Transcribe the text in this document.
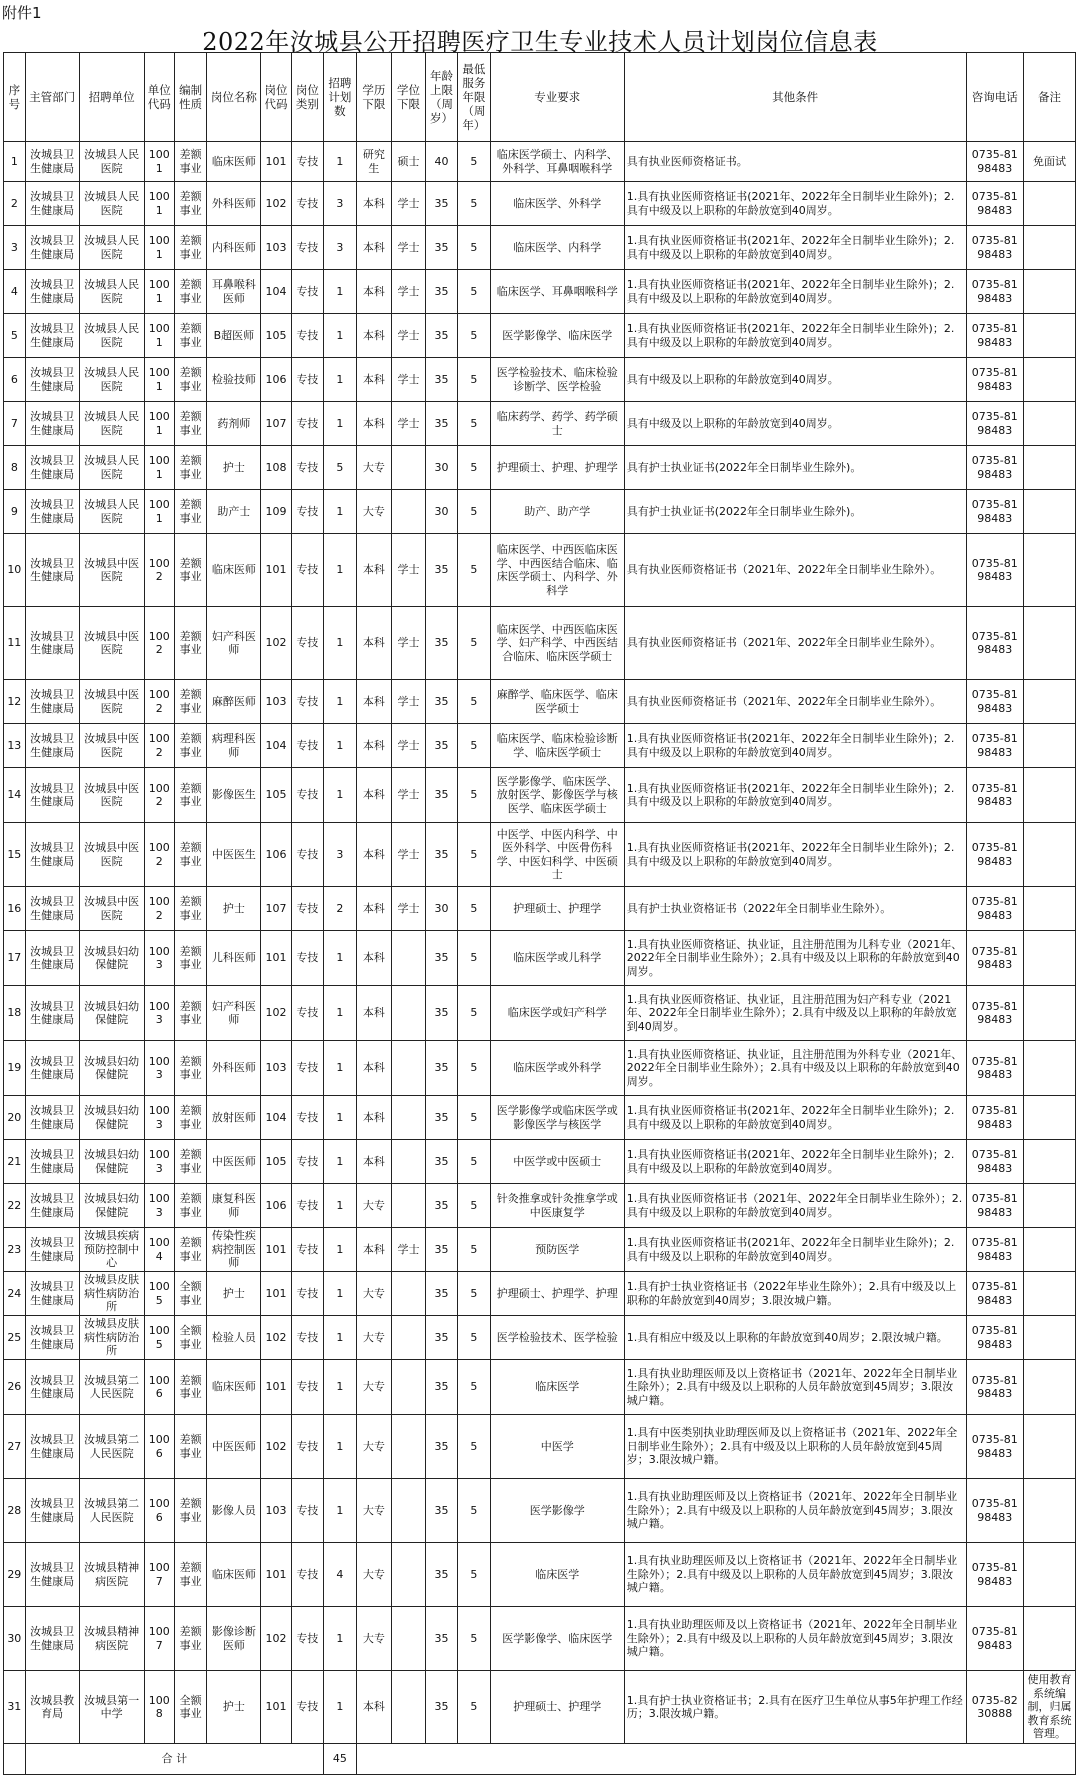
附件1
2022年汝城县公开招聘医疗卫生专业技术人员计划岗位信息表
序号	主管部门	招聘单位	单位代码	编制性质	岗位名称	岗位代码	岗位类别	招聘计划数	学历下限	学位下限	年龄上限（周岁）	最低服务年限（周年）	专业要求	其他条件	咨询电话	备注
1	汝城县卫生健康局	汝城县人民医院	1001	差额事业	临床医师	101	专技	1	研究生	硕士	40	5	临床医学硕士、内科学、外科学、耳鼻咽喉科学	具有执业医师资格证书。	0735-8198483	免面试
2	汝城县卫生健康局	汝城县人民医院	1001	差额事业	外科医师	102	专技	3	本科	学士	35	5	临床医学、外科学	1.具有执业医师资格证书(2021年、2022年全日制毕业生除外)；2.具有中级及以上职称的年龄放宽到40周岁。	0735-8198483	
3	汝城县卫生健康局	汝城县人民医院	1001	差额事业	内科医师	103	专技	3	本科	学士	35	5	临床医学、内科学	1.具有执业医师资格证书(2021年、2022年全日制毕业生除外)；2.具有中级及以上职称的年龄放宽到40周岁。	0735-8198483	
4	汝城县卫生健康局	汝城县人民医院	1001	差额事业	耳鼻喉科医师	104	专技	1	本科	学士	35	5	临床医学、耳鼻咽喉科学	1.具有执业医师资格证书(2021年、2022年全日制毕业生除外)；2.具有中级及以上职称的年龄放宽到40周岁。	0735-8198483	
5	汝城县卫生健康局	汝城县人民医院	1001	差额事业	B超医师	105	专技	1	本科	学士	35	5	医学影像学、临床医学	1.具有执业医师资格证书(2021年、2022年全日制毕业生除外)；2.具有中级及以上职称的年龄放宽到40周岁。	0735-8198483	
6	汝城县卫生健康局	汝城县人民医院	1001	差额事业	检验技师	106	专技	1	本科	学士	35	5	医学检验技术、临床检验诊断学、医学检验	具有中级及以上职称的年龄放宽到40周岁。	0735-8198483	
7	汝城县卫生健康局	汝城县人民医院	1001	差额事业	药剂师	107	专技	1	本科	学士	35	5	临床药学、药学、药学硕士	具有中级及以上职称的年龄放宽到40周岁。	0735-8198483	
8	汝城县卫生健康局	汝城县人民医院	1001	差额事业	护士	108	专技	5	大专		30	5	护理硕士、护理、护理学	具有护士执业证书(2022年全日制毕业生除外)。	0735-8198483	
9	汝城县卫生健康局	汝城县人民医院	1001	差额事业	助产士	109	专技	1	大专		30	5	助产、助产学	具有护士执业证书(2022年全日制毕业生除外)。	0735-8198483	
10	汝城县卫生健康局	汝城县中医医院	1002	差额事业	临床医师	101	专技	1	本科	学士	35	5	临床医学、中西医临床医学、中西医结合临床、临床医学硕士、内科学、外科学	具有执业医师资格证书（2021年、2022年全日制毕业生除外）。	0735-8198483	
11	汝城县卫生健康局	汝城县中医医院	1002	差额事业	妇产科医师	102	专技	1	本科	学士	35	5	临床医学、中西医临床医学、妇产科学、中西医结合临床、临床医学硕士	具有执业医师资格证书（2021年、2022年全日制毕业生除外）。	0735-8198483	
12	汝城县卫生健康局	汝城县中医医院	1002	差额事业	麻醉医师	103	专技	1	本科	学士	35	5	麻醉学、临床医学、临床医学硕士	具有执业医师资格证书（2021年、2022年全日制毕业生除外）。	0735-8198483	
13	汝城县卫生健康局	汝城县中医医院	1002	差额事业	病理科医师	104	专技	1	本科	学士	35	5	临床医学、临床检验诊断学、临床医学硕士	1.具有执业医师资格证书(2021年、2022年全日制毕业生除外)；2.具有中级及以上职称的年龄放宽到40周岁。	0735-8198483	
14	汝城县卫生健康局	汝城县中医医院	1002	差额事业	影像医生	105	专技	1	本科	学士	35	5	医学影像学、临床医学、放射医学、影像医学与核医学、临床医学硕士	1.具有执业医师资格证书(2021年、2022年全日制毕业生除外)；2.具有中级及以上职称的年龄放宽到40周岁。	0735-8198483	
15	汝城县卫生健康局	汝城县中医医院	1002	差额事业	中医医生	106	专技	3	本科	学士	35	5	中医学、中医内科学、中医外科学、中医骨伤科学、中医妇科学、中医硕士	1.具有执业医师资格证书(2021年、2022年全日制毕业生除外)；2.具有中级及以上职称的年龄放宽到40周岁。	0735-8198483	
16	汝城县卫生健康局	汝城县中医医院	1002	差额事业	护士	107	专技	2	本科	学士	30	5	护理硕士、护理学	具有护士执业资格证书（2022年全日制毕业生除外）。	0735-8198483	
17	汝城县卫生健康局	汝城县妇幼保健院	1003	差额事业	儿科医师	101	专技	1	本科		35	5	临床医学或儿科学	1.具有执业医师资格证、执业证，且注册范围为儿科专业（2021年、2022年全日制毕业生除外）；2.具有中级及以上职称的年龄放宽到40周岁。	0735-8198483	
18	汝城县卫生健康局	汝城县妇幼保健院	1003	差额事业	妇产科医师	102	专技	1	本科		35	5	临床医学或妇产科学	1.具有执业医师资格证、执业证，且注册范围为妇产科专业（2021年、2022年全日制毕业生除外）；2.具有中级及以上职称的年龄放宽到40周岁。	0735-8198483	
19	汝城县卫生健康局	汝城县妇幼保健院	1003	差额事业	外科医师	103	专技	1	本科		35	5	临床医学或外科学	1.具有执业医师资格证、执业证，且注册范围为外科专业（2021年、2022年全日制毕业生除外）；2.具有中级及以上职称的年龄放宽到40周岁。	0735-8198483	
20	汝城县卫生健康局	汝城县妇幼保健院	1003	差额事业	放射医师	104	专技	1	本科		35	5	医学影像学或临床医学或影像医学与核医学	1.具有执业医师资格证书(2021年、2022年全日制毕业生除外)；2.具有中级及以上职称的年龄放宽到40周岁。	0735-8198483	
21	汝城县卫生健康局	汝城县妇幼保健院	1003	差额事业	中医医师	105	专技	1	本科		35	5	中医学或中医硕士	1.具有执业医师资格证书(2021年、2022年全日制毕业生除外)；2.具有中级及以上职称的年龄放宽到40周岁。	0735-8198483	
22	汝城县卫生健康局	汝城县妇幼保健院	1003	差额事业	康复科医师	106	专技	1	大专		35	5	针灸推拿或针灸推拿学或中医康复学	1.具有执业医师资格证书（2021年、2022年全日制毕业生除外）；2.具有中级及以上职称的年龄放宽到40周岁。	0735-8198483	
23	汝城县卫生健康局	汝城县疾病预防控制中心	1004	差额事业	传染性疾病控制医师	101	专技	1	本科	学士	35	5	预防医学	1.具有执业医师资格证书(2021年、2022年全日制毕业生除外)；2.具有中级及以上职称的年龄放宽到40周岁。	0735-8198483	
24	汝城县卫生健康局	汝城县皮肤病性病防治所	1005	全额事业	护士	101	专技	1	大专		35	5	护理硕士、护理学、护理	1.具有护士执业资格证书（2022年毕业生除外）；2.具有中级及以上职称的年龄放宽到40周岁；3.限汝城户籍。	0735-8198483	
25	汝城县卫生健康局	汝城县皮肤病性病防治所	1005	全额事业	检验人员	102	专技	1	大专		35	5	医学检验技术、医学检验	1.具有相应中级及以上职称的年龄放宽到40周岁；2.限汝城户籍。	0735-8198483	
26	汝城县卫生健康局	汝城县第二人民医院	1006	差额事业	临床医师	101	专技	1	大专		35	5	临床医学	1.具有执业助理医师及以上资格证书（2021年、2022年全日制毕业生除外）；2.具有中级及以上职称的人员年龄放宽到45周岁；3.限汝城户籍。	0735-8198483	
27	汝城县卫生健康局	汝城县第二人民医院	1006	差额事业	中医医师	102	专技	1	大专		35	5	中医学	1.具有中医类别执业助理医师及以上资格证书（2021年、2022年全日制毕业生除外）；2.具有中级及以上职称的人员年龄放宽到45周岁；3.限汝城户籍。	0735-8198483	
28	汝城县卫生健康局	汝城县第二人民医院	1006	差额事业	影像人员	103	专技	1	大专		35	5	医学影像学	1.具有执业助理医师及以上资格证书（2021年、2022年全日制毕业生除外）；2.具有中级及以上职称的人员年龄放宽到45周岁；3.限汝城户籍。	0735-8198483	
29	汝城县卫生健康局	汝城县精神病医院	1007	差额事业	临床医师	101	专技	4	大专		35	5	临床医学	1.具有执业助理医师及以上资格证书（2021年、2022年全日制毕业生除外）；2.具有中级及以上职称的人员年龄放宽到45周岁；3.限汝城户籍。	0735-8198483	
30	汝城县卫生健康局	汝城县精神病医院	1007	差额事业	影像诊断医师	102	专技	1	大专		35	5	医学影像学、临床医学	1.具有执业助理医师及以上资格证书（2021年、2022年全日制毕业生除外）；2.具有中级及以上职称的人员年龄放宽到45周岁；3.限汝城户籍。	0735-8198483	
31	汝城县教育局	汝城县第一中学	1008	全额事业	护士	101	专技	1	本科		35	5	护理硕士、护理学	1.具有护士执业资格证书；2.具有在医疗卫生单位从事5年护理工作经历；3.限汝城户籍。	0735-8230888	使用教育系统编制，归属教育系统管理。
	合 计							45								
